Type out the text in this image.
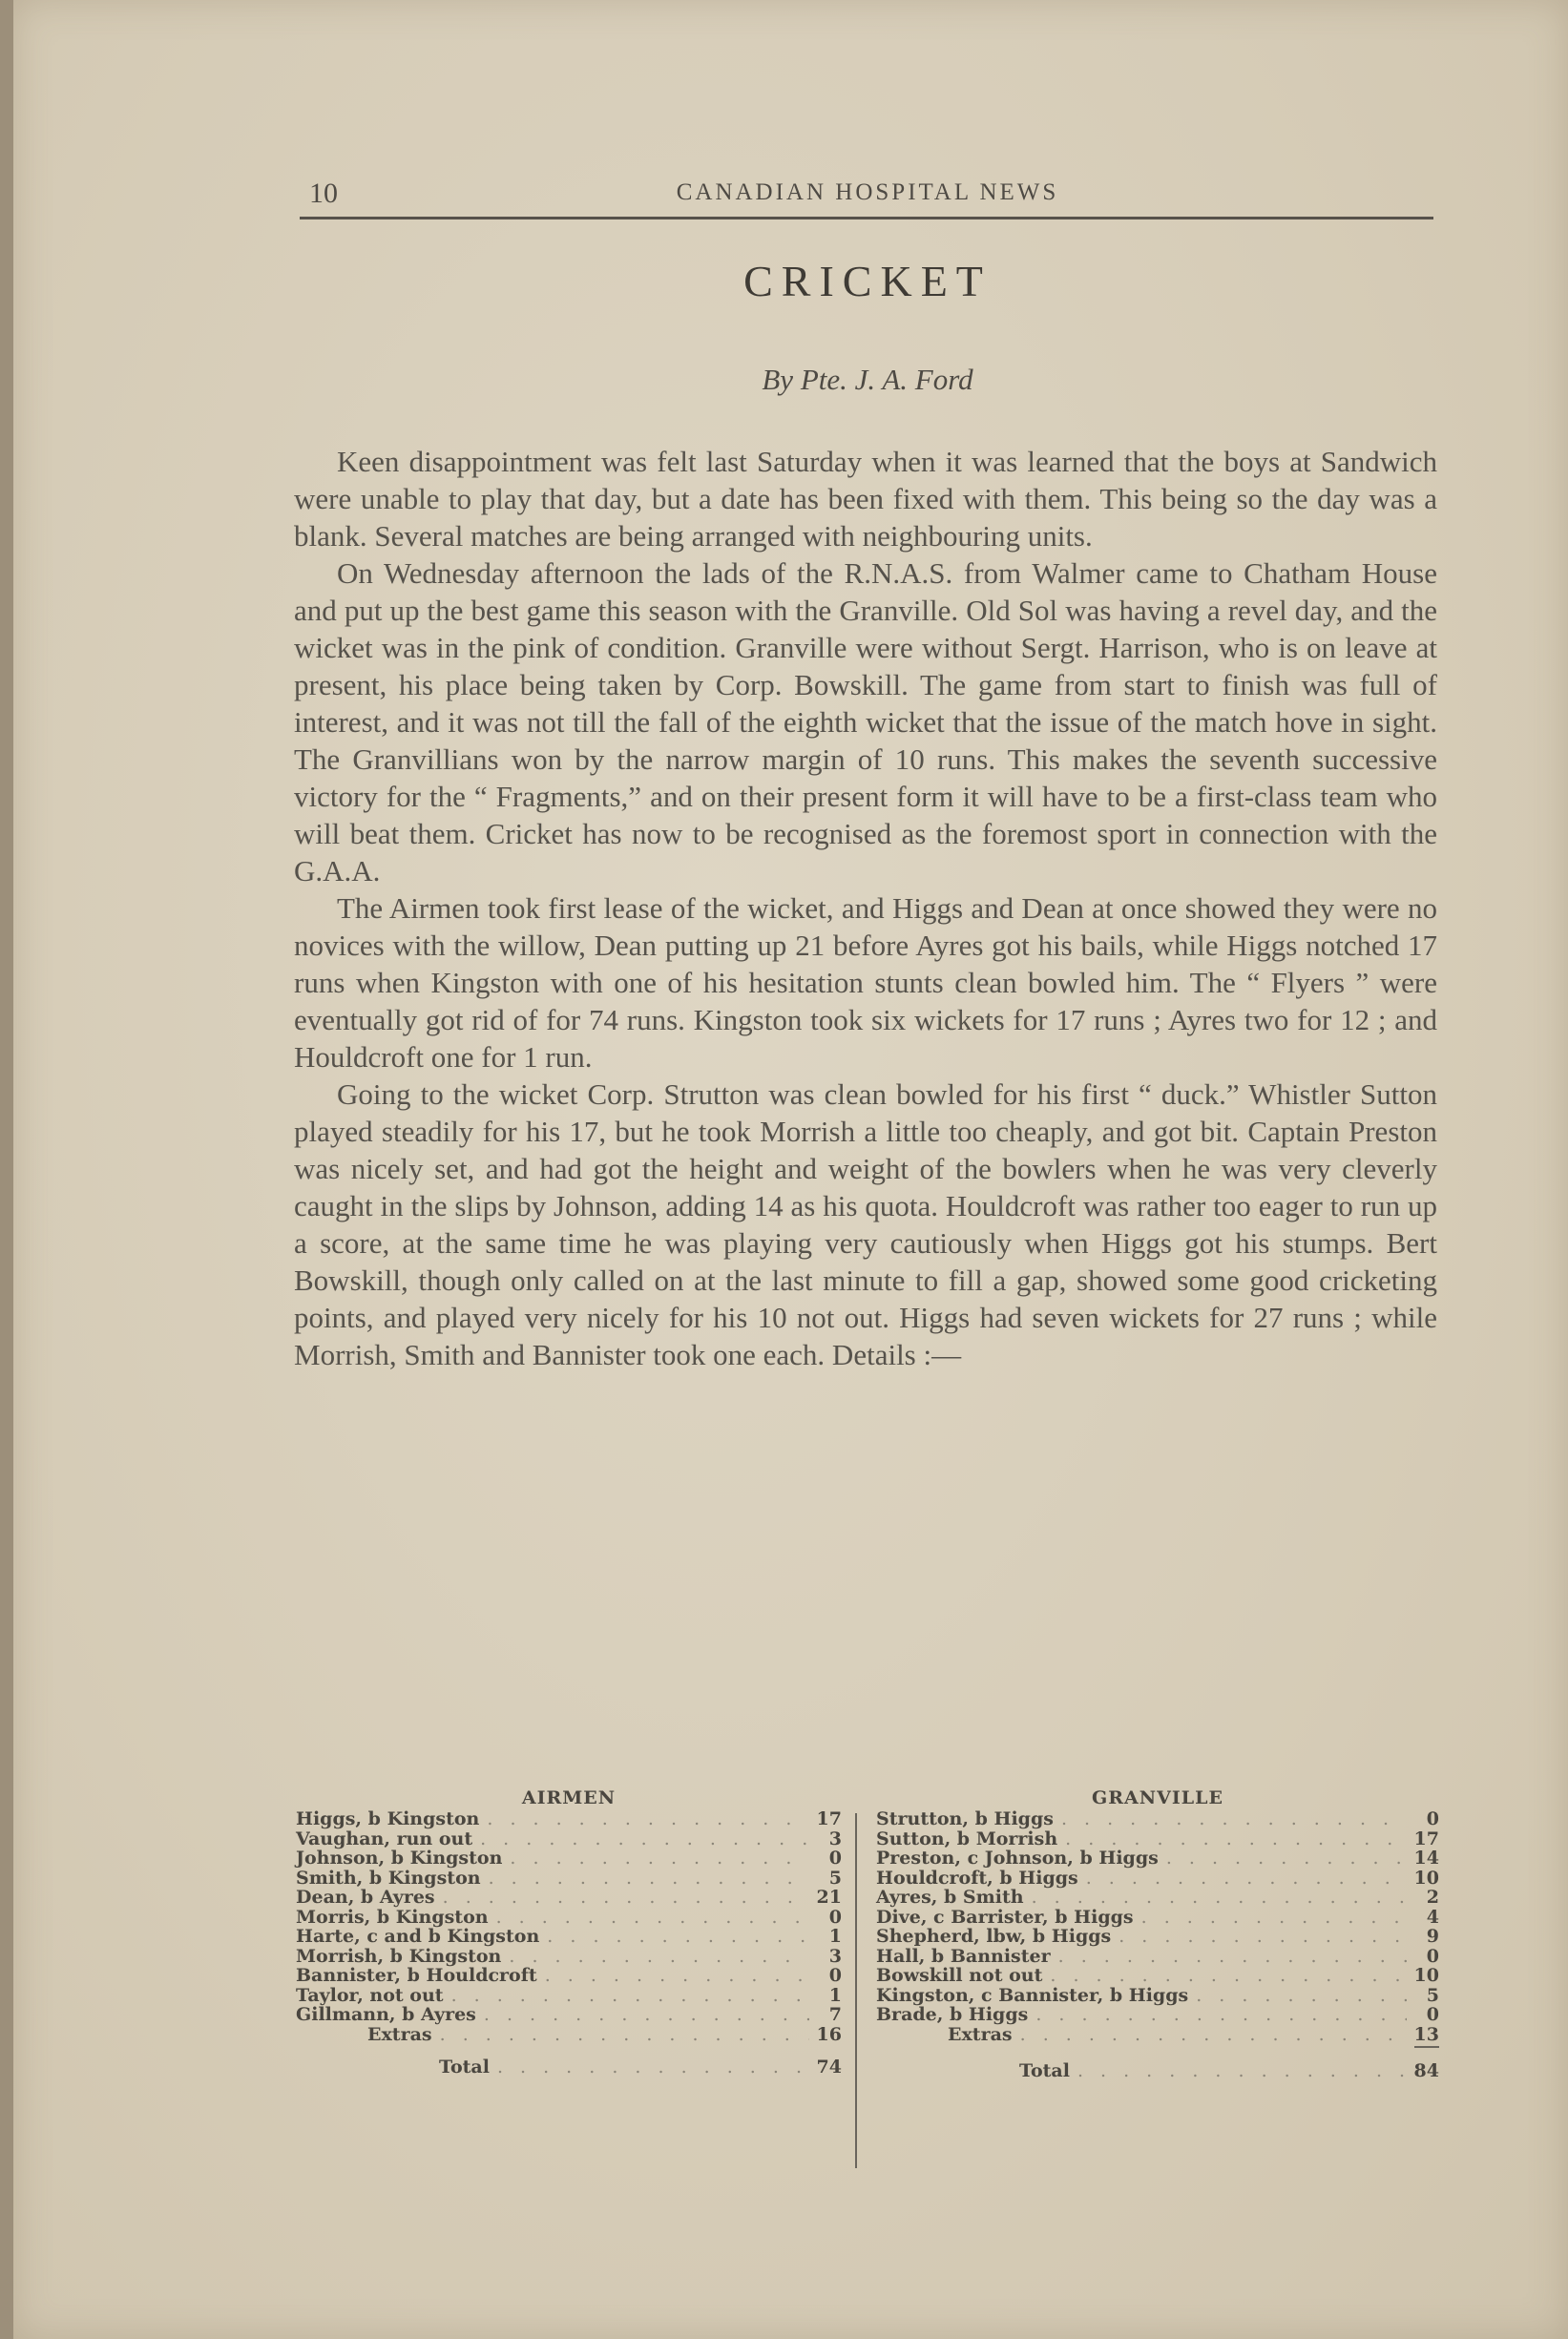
10	CANADIAN HOSPITAL NEWS
CRICKET
By Pte. J. A. Ford

Keen disappointment was felt last Saturday when it was learned that the boys at Sandwich were unable to play that day, but a date has been fixed with them. This being so the day was a blank. Several matches are being arranged with neighbouring units.

On Wednesday afternoon the lads of the R.N.A.S. from Walmer came to Chatham House and put up the best game this season with the Granville. Old Sol was having a revel day, and the wicket was in the pink of condition. Granville were without Sergt. Harrison, who is on leave at present, his place being taken by Corp. Bowskill. The game from start to finish was full of interest, and it was not till the fall of the eighth wicket that the issue of the match hove in sight. The Granvillians won by the narrow margin of 10 runs. This makes the seventh successive victory for the “ Fragments,” and on their present form it will have to be a first-class team who will beat them. Cricket has now to be recognised as the foremost sport in connection with the G.A.A.

The Airmen took first lease of the wicket, and Higgs and Dean at once showed they were no novices with the willow, Dean putting up 21 before Ayres got his bails, while Higgs notched 17 runs when Kingston with one of his hesitation stunts clean bowled him. The “ Flyers ” were eventually got rid of for 74 runs. Kingston took six wickets for 17 runs ; Ayres two for 12 ; and Houldcroft one for 1 run.

Going to the wicket Corp. Strutton was clean bowled for his first “ duck.” Whistler Sutton played steadily for his 17, but he took Morrish a little too cheaply, and got bit. Captain Preston was nicely set, and had got the height and weight of the bowlers when he was very cleverly caught in the slips by Johnson, adding 14 as his quota. Houldcroft was rather too eager to run up a score, at the same time he was playing very cautiously when Higgs got his stumps. Bert Bowskill, though only called on at the last minute to fill a gap, showed some good cricketing points, and played very nicely for his 10 not out. Higgs had seven wickets for 27 runs ; while Morrish, Smith and Bannister took one each. Details :—

AIRMEN
Higgs, b Kingston . . .	17
Vaughan, run out . . .	3
Johnson, b Kingston . . .	0
Smith, b Kingston . . .	5
Dean, b Ayres . . .	21
Morris, b Kingston . . .	0
Harte, c and b Kingston . . .	1
Morrish, b Kingston . . .	3
Bannister, b Houldcroft . . .	0
Taylor, not out . . .	1
Gillmann, b Ayres . . .	7
Extras . . .	16
Total . . .	74
GRANVILLE
Strutton, b Higgs . . .	0
Sutton, b Morrish . . .	17
Preston, c Johnson, b Higgs . . .	14
Houldcroft, b Higgs . . .	10
Ayres, b Smith . . .	2
Dive, c Barrister, b Higgs . . .	4
Shepherd, lbw, b Higgs . . .	9
Hall, b Bannister . . .	0
Bowskill not out . . .	10
Kingston, c Bannister, b Higgs . . .	5
Brade, b Higgs . . .	0
Extras . . .	13
Total . . .	84
